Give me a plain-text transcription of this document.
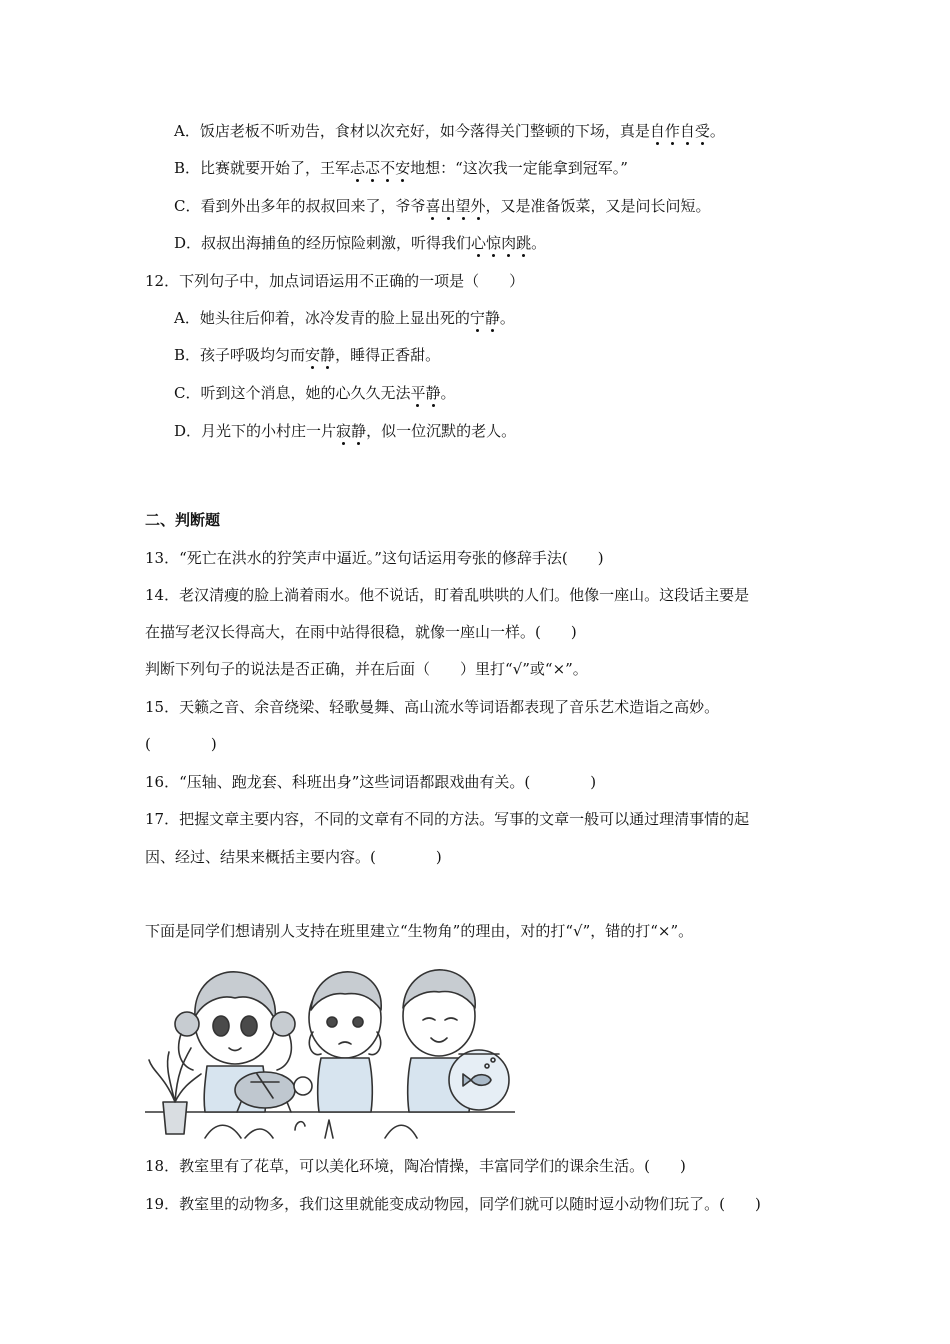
A．饭店老板不听劝告，食材以次充好，如今落得关门整顿的下场，真是自作自受。
B．比赛就要开始了，王军忐忑不安地想：“这次我一定能拿到冠军。”
C．看到外出多年的叔叔回来了，爷爷喜出望外，又是准备饭菜，又是问长问短。
D．叔叔出海捕鱼的经历惊险刺激，听得我们心惊肉跳。
12．下列句子中，加点词语运用不正确的一项是（　　）
A．她头往后仰着，冰冷发青的脸上显出死的宁静。
B．孩子呼吸均匀而安静，睡得正香甜。
C．听到这个消息，她的心久久无法平静。
D．月光下的小村庄一片寂静，似一位沉默的老人。
二、判断题
13．“死亡在洪水的狞笑声中逼近。”这句话运用夸张的修辞手法(　　)
14．老汉清瘦的脸上淌着雨水。他不说话，盯着乱哄哄的人们。他像一座山。这段话主要是
在描写老汉长得高大，在雨中站得很稳，就像一座山一样。(　　)
判断下列句子的说法是否正确，并在后面（　　）里打“√”或“×”。
15．天籁之音、余音绕梁、轻歌曼舞、高山流水等词语都表现了音乐艺术造诣之高妙。
(　　　　)
16．“压轴、跑龙套、科班出身”这些词语都跟戏曲有关。(　　　　)
17．把握文章主要内容，不同的文章有不同的方法。写事的文章一般可以通过理清事情的起
因、经过、结果来概括主要内容。(　　　　)
下面是同学们想请别人支持在班里建立“生物角”的理由，对的打“√”，错的打“×”。
18．教室里有了花草，可以美化环境，陶冶情操，丰富同学们的课余生活。(　　)
19．教室里的动物多，我们这里就能变成动物园，同学们就可以随时逗小动物们玩了。(　　)
